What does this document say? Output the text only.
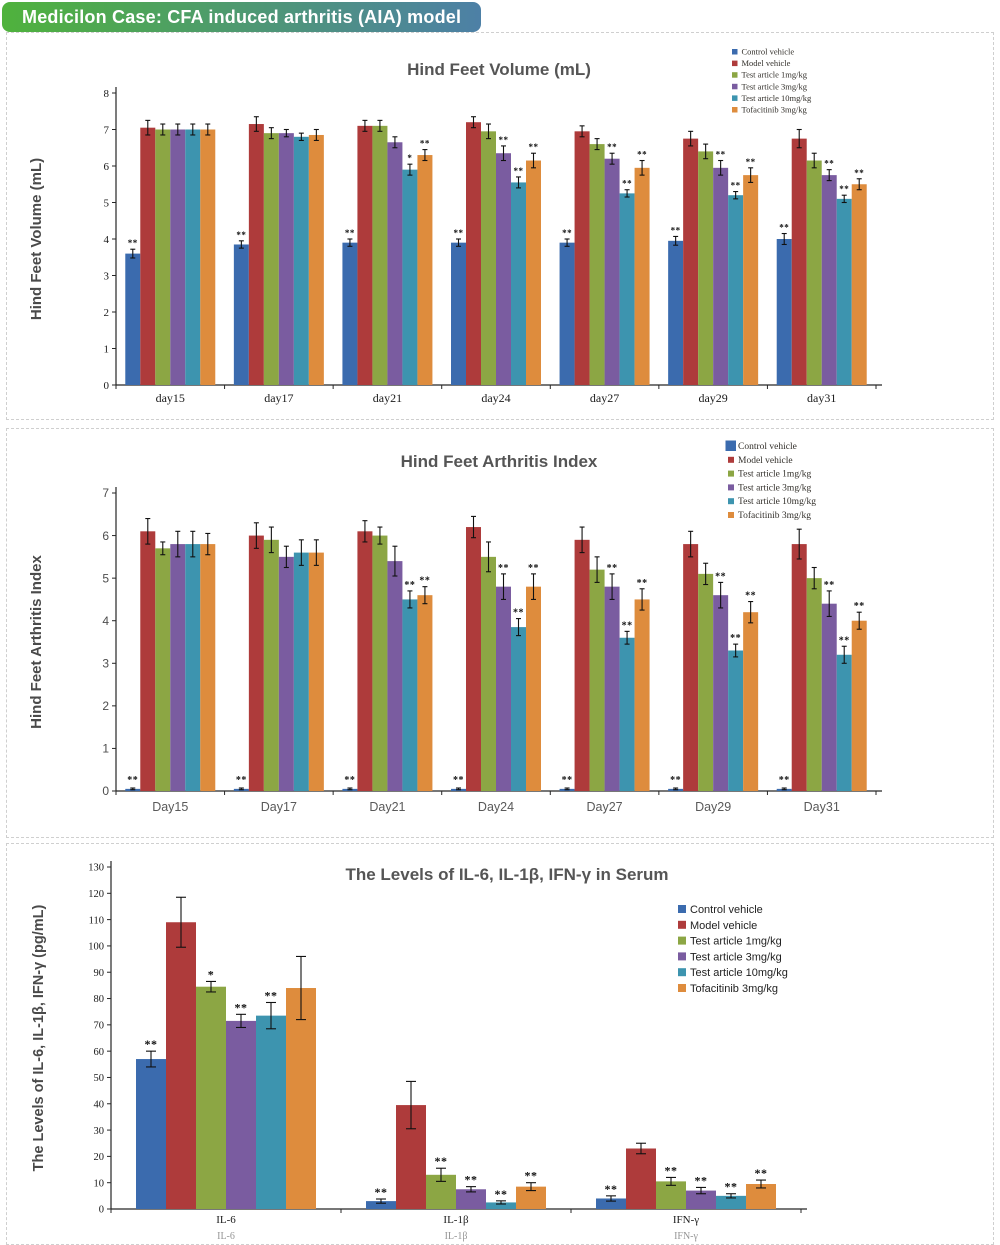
Medicilon Case: CFA induced arthritis (AIA) model
Hind Feet Volume (mL)
Hind Feet Volume (mL)
0
1
2
3
4
5
6
7
8
**
**	**	**	**	**	**
**
**
**
**
*
**
**	**	**
**	**
**
**
**
day15	day17	day21	day24	day27	day29	day31
Control vehicle
Model vehicle
Test article 1mg/kg
Test article 3mg/kg
Test article 10mg/kg
Tofacitinib 3mg/kg
Hind Feet Arthritis Index
Hind Feet Arthritis Index
0
1
2
3
4
5
6
7
**	**	**	**	**	**	**
**	**
**
**
**
**
**
**	**
**
**
**
**
**
Day15	Day17	Day21	Day24	Day27	Day29	Day31
Control vehicle
Model vehicle
Test article 1mg/kg
Test article 3mg/kg
Test article 10mg/kg
Tofacitinib 3mg/kg
The Levels of IL-6, IL-1β, IFN-γ in Serum
The Levels of IL-6, IL-1β, IFN-γ (pg/mL)
0
10
20
30
40
50
60
70
80
90
100
110
120
130
**
**	**
*
**
**
**
**	**
**
**
**
**	**
IL-6
IL-6
IL-1β
IL-1β
IFN-γ
IFN-γ
Control vehicle
Model vehicle
Test article 1mg/kg
Test article 3mg/kg
Test article 10mg/kg
Tofacitinib 3mg/kg
